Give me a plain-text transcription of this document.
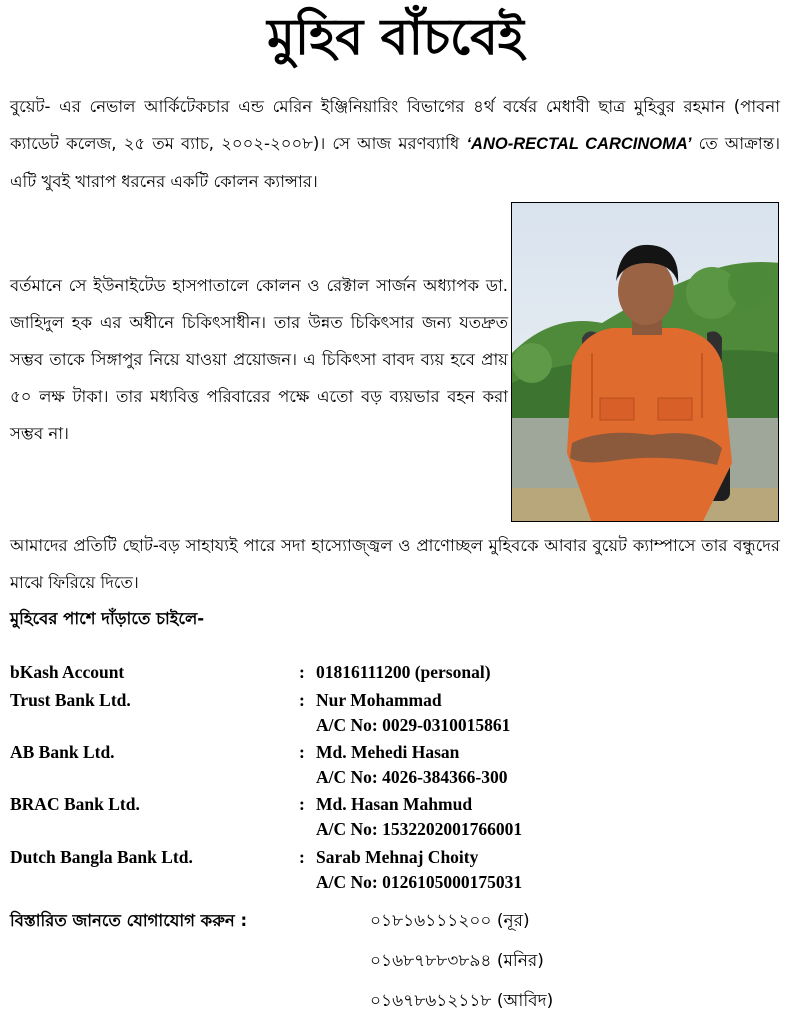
মুহিব বাঁচবেই
বুয়েট- এর নেভাল আর্কিটেকচার এন্ড মেরিন ইঞ্জিনিয়ারিং বিভাগের ৪র্থ বর্ষের মেধাবী ছাত্র মুহিবুর রহমান (পাবনা ক্যাডেট কলেজ, ২৫ তম ব্যাচ, ২০০২-২০০৮)। সে আজ মরণব্যাধি ‘ANO-RECTAL CARCINOMA’ তে আক্রান্ত। এটি খুবই খারাপ ধরনের একটি কোলন ক্যান্সার।
বর্তমানে সে ইউনাইটেড হাসপাতালে কোলন ও রেক্টাল সার্জন অধ্যাপক ডা. জাহিদুল হক এর অধীনে চিকিৎসাধীন। তার উন্নত চিকিৎসার জন্য যতদ্রুত সম্ভব তাকে সিঙ্গাপুর নিয়ে যাওয়া প্রয়োজন। এ চিকিৎসা বাবদ ব্যয় হবে প্রায় ৫০ লক্ষ টাকা। তার মধ্যবিত্ত পরিবারের পক্ষে এতো বড় ব্যয়ভার বহন করা সম্ভব না।
আমাদের প্রতিটি ছোট-বড় সাহায্যই পারে সদা হাস্যোজ্জ্বল ও প্রাণোচ্ছল মুহিবকে আবার বুয়েট ক্যাম্পাসে তার বন্ধুদের মাঝে ফিরিয়ে দিতে।
মুহিবের পাশে দাঁড়াতে চাইলে-
bKash Account	: 01816111200 (personal)
Trust Bank Ltd.	: Nur Mohammad
A/C No: 0029-0310015861
AB Bank Ltd.	: Md. Mehedi Hasan
A/C No: 4026-384366-300
BRAC Bank Ltd.	: Md. Hasan Mahmud
A/C No: 1532202001766001
Dutch Bangla Bank Ltd.	: Sarab Mehnaj Choity
A/C No: 0126105000175031
বিস্তারিত জানতে যোগাযোগ করুন :	০১৮১৬১১১২০০ (নূর)
০১৬৮৭৮৮৩৮৯৪ (মনির)
০১৬৭৮৬১২১১৮ (আবিদ)
